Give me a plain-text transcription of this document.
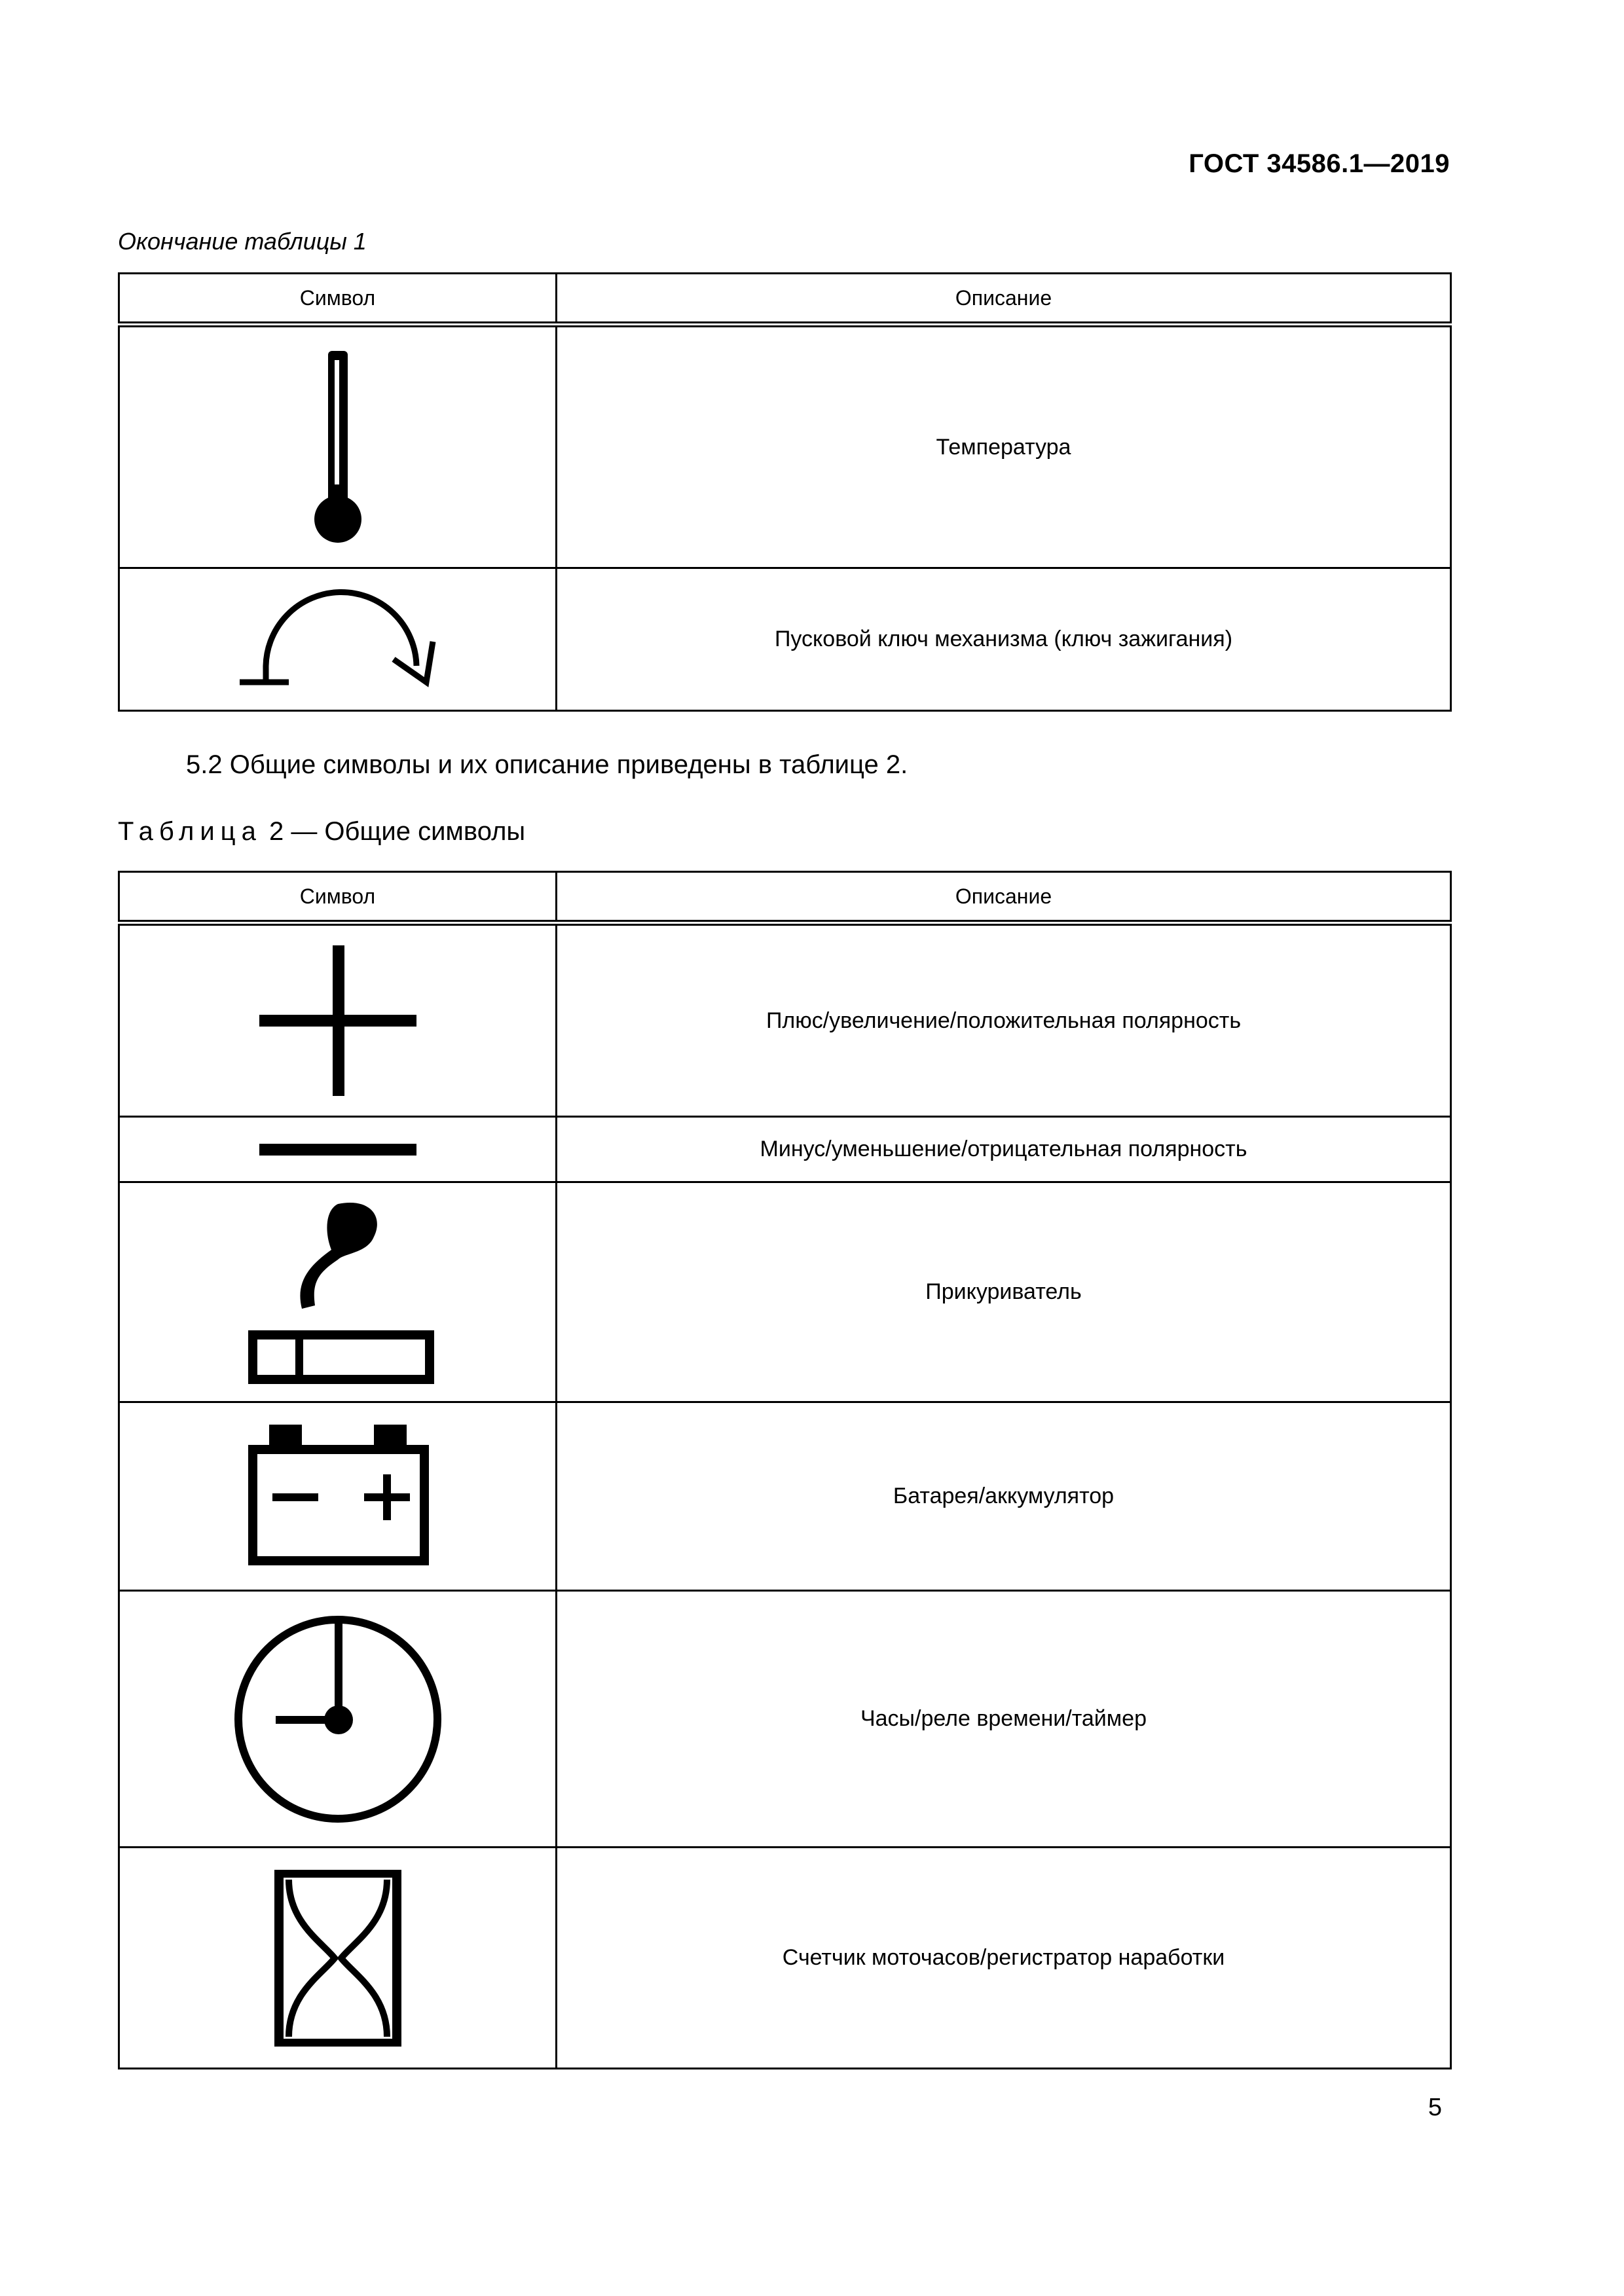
ГОСТ 34586.1—2019
Окончание таблицы 1
Символ	Описание

	Температура

	Пусковой ключ механизма (ключ зажигания)
5.2 Общие символы и их описание приведены в таблице 2.
Таблица 2 — Общие символы
Символ	Описание

	Плюс/увеличение/положительная полярность

	Минус/уменьшение/отрицательная полярность

	Прикуриватель

	Батарея/аккумулятор

	Часы/реле времени/таймер

	Счетчик моточасов/регистратор наработки
5
